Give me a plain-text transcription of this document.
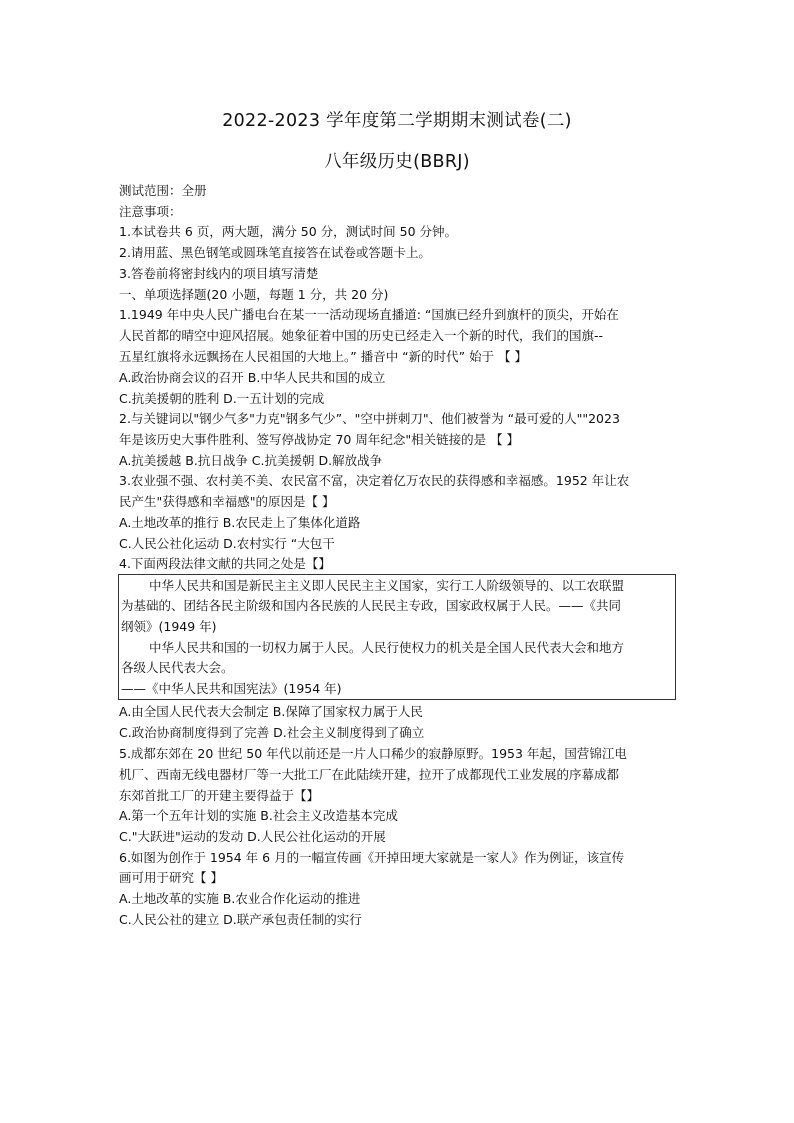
2022-2023 学年度第二学期期末测试卷(二)
八年级历史(BBRJ)
测试范围：全册
注意事项：
1.本试卷共 6 页，两大题，满分 50 分，测试时间 50 分钟。
2.请用蓝、黑色钢笔或圆珠笔直接答在试卷或答题卡上。
3.答卷前将密封线内的项目填写清楚
一、单项选择题(20 小题，每题 1 分，共 20 分)
1.1949 年中央人民广播电台在某一一活动现场直播道: “国旗已经升到旗杆的顶尖，开始在
人民首都的晴空中迎风招展。她象征着中国的历史已经走入一个新的时代，我们的国旗--
五星红旗将永远飘扬在人民祖国的大地上。” 播音中 “新的时代” 始于 【 】
A.政治协商会议的召开 B.中华人民共和国的成立
C.抗美援朝的胜利 D.一五计划的完成
2.与关键词以"钢少气多"力克"钢多气少”、"空中拼刺刀"、他们被誉为 “最可爱的人""2023
年是该历史大事件胜利、签写停战协定 70 周年纪念"相关链接的是 【 】
A.抗美援越 B.抗日战争 C.抗美援朝 D.解放战争
3.农业强不强、农村美不美、农民富不富，决定着亿万农民的获得感和幸福感。1952 年让农
民产生"获得感和幸福感"的原因是【 】
A.土地改革的推行 B.农民走上了集体化道路
C.人民公社化运动 D.农村实行 “大包干
4.下面两段法律文献的共同之处是【】
中华人民共和国是新民主主义即人民民主主义国家，实行工人阶级领导的、以工农联盟
为基础的、团结各民主阶级和国内各民族的人民民主专政，国家政权属于人民。——《共同
纲领》(1949 年)
中华人民共和国的一切权力属于人民。人民行使权力的机关是全国人民代表大会和地方
各级人民代表大会。
——《中华人民共和国宪法》(1954 年)
A.由全国人民代表大会制定 B.保障了国家权力属于人民
C.政治协商制度得到了完善 D.社会主义制度得到了确立
5.成都东郊在 20 世纪 50 年代以前还是一片人口稀少的寂静原野。1953 年起，国营锦江电
机厂、西南无线电器材厂等一大批工厂在此陆续开建，拉开了成都现代工业发展的序幕成都
东郊首批工厂的开建主要得益于【】
A.第一个五年计划的实施 B.社会主义改造基本完成
C."大跃进"运动的发动 D.人民公社化运动的开展
6.如图为创作于 1954 年 6 月的一幅宣传画《开掉田埂大家就是一家人》作为例证，该宣传
画可用于研究【 】
A.土地改革的实施 B.农业合作化运动的推进
C.人民公社的建立 D.联产承包责任制的实行
